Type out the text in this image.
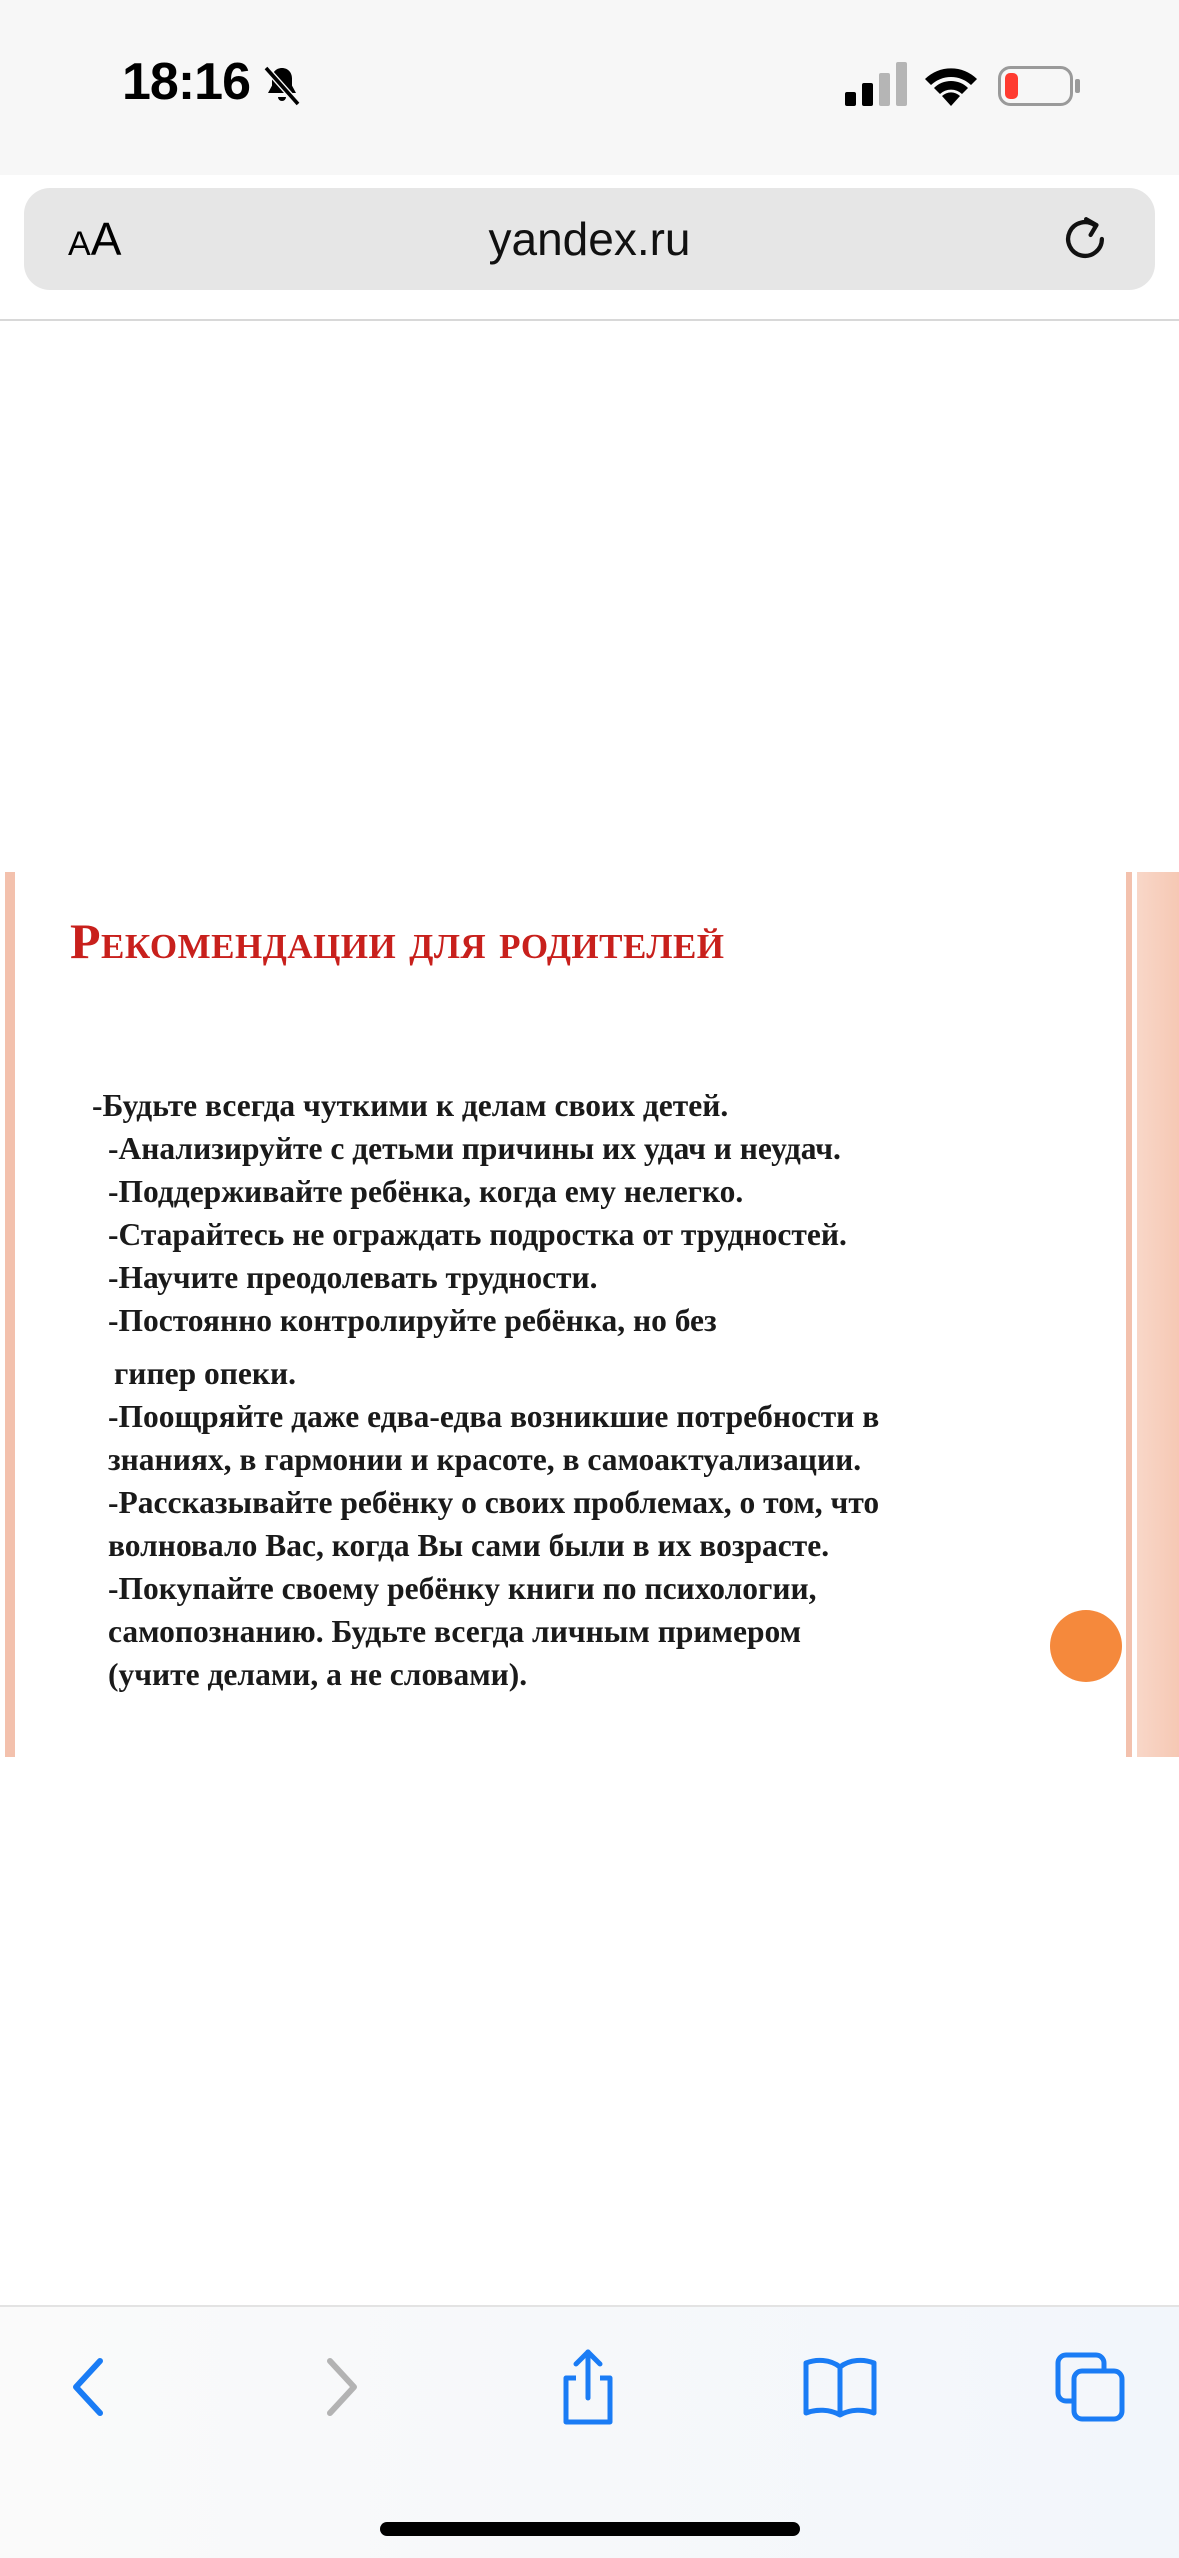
18:16
AA	yandex.ru
Рекомендации для родителей

-Будьте всегда чуткими к делам своих детей.

-Анализируйте с детьми причины их удач и неудач.

-Поддерживайте ребёнка, когда ему нелегко.

-Старайтесь не ограждать подростка от трудностей.

-Научите преодолевать трудности.

-Постоянно контролируйте ребёнка, но без

гипер опеки.

-Поощряйте даже едва-едва возникшие потребности в

знаниях, в гармонии и красоте, в самоактуализации.

-Рассказывайте ребёнку о своих проблемах, о том, что

волновало Вас, когда Вы сами были в их возрасте.

-Покупайте своему ребёнку книги по психологии,

самопознанию. Будьте всегда личным примером

(учите делами, а не словами).
